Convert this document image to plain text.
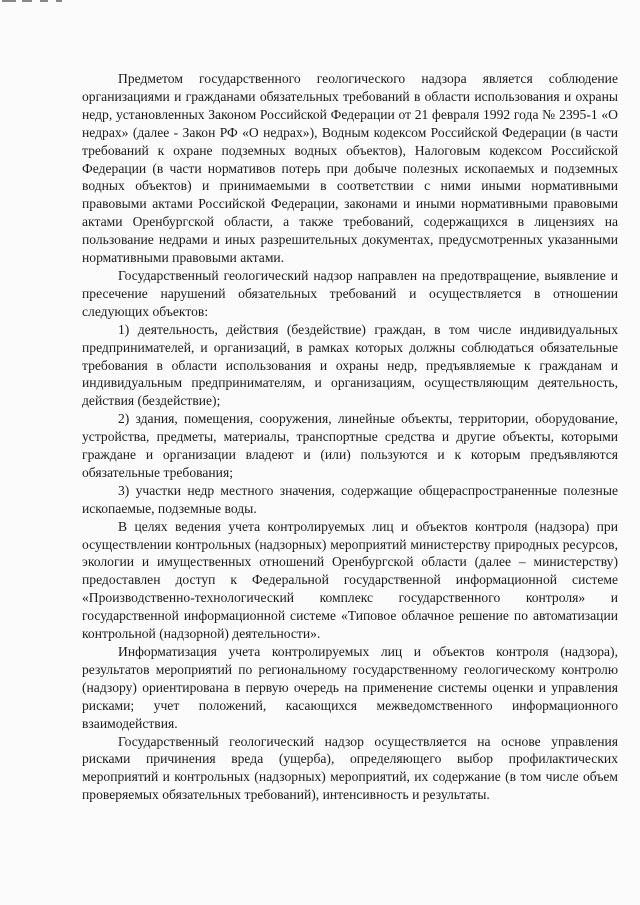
Предметом государственного геологического надзора является соблюдение организациями и гражданами обязательных требований в области использования и охраны недр, установленных Законом Российской Федерации от 21 февраля 1992 года № 2395-1 «О недрах» (далее - Закон РФ «О недрах»), Водным кодексом Российской Федерации (в части требований к охране подземных водных объектов), Налоговым кодексом Российской Федерации (в части нормативов потерь при добыче полезных ископаемых и подземных водных объектов) и принимаемыми в соответствии с ними иными нормативными правовыми актами Российской Федерации, законами и иными нормативными правовыми актами Оренбургской области, а также требований, содержащихся в лицензиях на пользование недрами и иных разрешительных документах, предусмотренных указанными нормативными правовыми актами.

Государственный геологический надзор направлен на предотвращение, выявление и пресечение нарушений обязательных требований и осуществляется в отношении следующих объектов:

1) деятельность, действия (бездействие) граждан, в том числе индивидуальных предпринимателей, и организаций, в рамках которых должны соблюдаться обязательные требования в области использования и охраны недр, предъявляемые к гражданам и индивидуальным предпринимателям, и организациям, осуществляющим деятельность, действия (бездействие);

2) здания, помещения, сооружения, линейные объекты, территории, оборудование, устройства, предметы, материалы, транспортные средства и другие объекты, которыми граждане и организации владеют и (или) пользуются и к которым предъявляются обязательные требования;

3) участки недр местного значения, содержащие общераспространенные полезные ископаемые, подземные воды.

В целях ведения учета контролируемых лиц и объектов контроля (надзора) при осуществлении контрольных (надзорных) мероприятий министерству природных ресурсов, экологии и имущественных отношений Оренбургской области (далее – министерству) предоставлен доступ к Федеральной государственной информационной системе «Производственно-технологический комплекс государственного контроля» и государственной информационной системе «Типовое облачное решение по автоматизации контрольной (надзорной) деятельности».

Информатизация учета контролируемых лиц и объектов контроля (надзора), результатов мероприятий по региональному государственному геологическому контролю (надзору) ориентирована в первую очередь на применение системы оценки и управления рисками; учет положений, касающихся межведомственного информационного взаимодействия.

Государственный геологический надзор осуществляется на основе управления рисками причинения вреда (ущерба), определяющего выбор профилактических мероприятий и контрольных (надзорных) мероприятий, их содержание (в том числе объем проверяемых обязательных требований), интенсивность и результаты.
